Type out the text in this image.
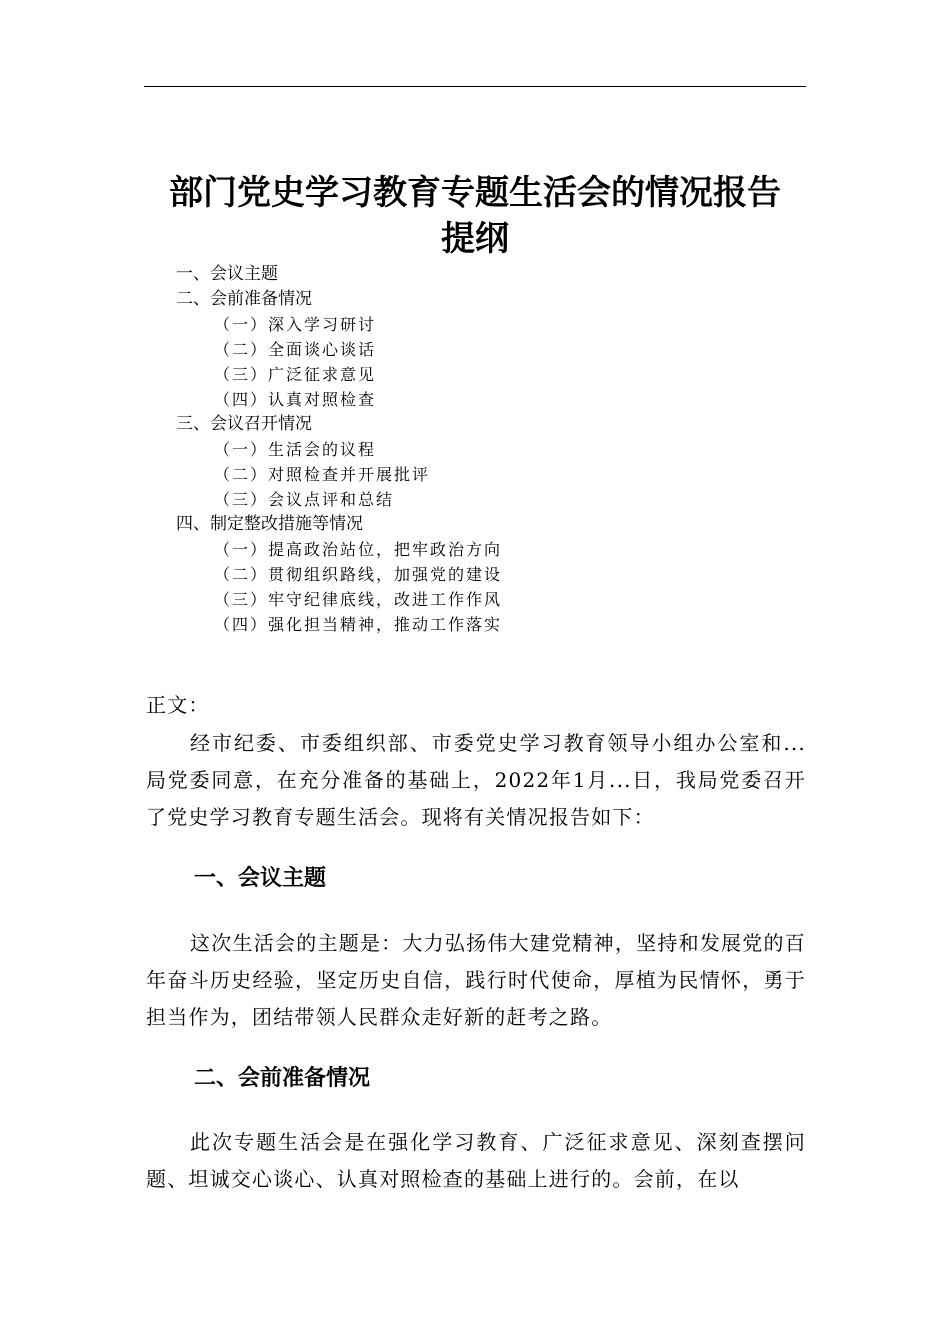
部门党史学习教育专题生活会的情况报告
提纲
一、会议主题
二、会前准备情况
（一）深入学习研讨
（二）全面谈心谈话
（三）广泛征求意见
（四）认真对照检查
三、会议召开情况
（一）生活会的议程
（二）对照检查并开展批评
（三）会议点评和总结
四、制定整改措施等情况
（一）提高政治站位，把牢政治方向
（二）贯彻组织路线，加强党的建设
（三）牢守纪律底线，改进工作作风
（四）强化担当精神，推动工作落实
正文：

经市纪委、市委组织部、市委党史学习教育领导小组办公室和...局党委同意，在充分准备的基础上，2022年1月...日，我局党委召开了党史学习教育专题生活会。现将有关情况报告如下：

一、会议主题

这次生活会的主题是：大力弘扬伟大建党精神，坚持和发展党的百年奋斗历史经验，坚定历史自信，践行时代使命，厚植为民情怀，勇于担当作为，团结带领人民群众走好新的赶考之路。

二、会前准备情况

此次专题生活会是在强化学习教育、广泛征求意见、深刻查摆问题、坦诚交心谈心、认真对照检查的基础上进行的。会前，在以
